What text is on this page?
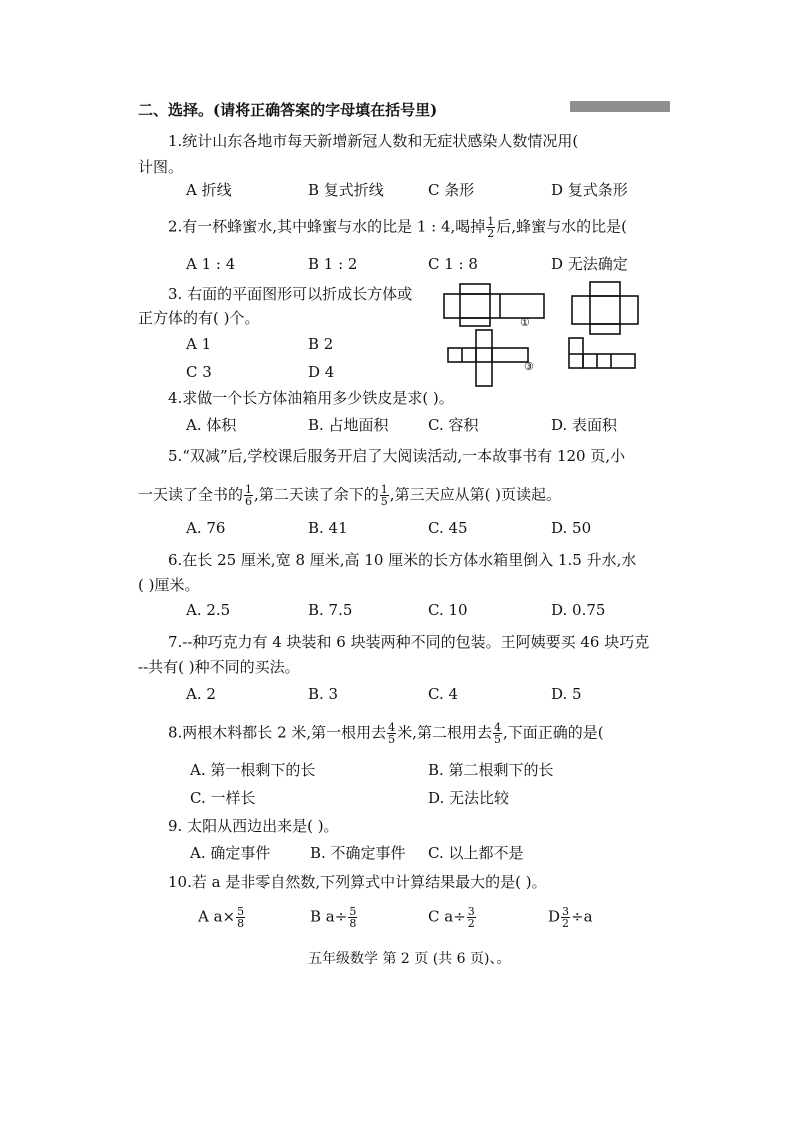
二、选择。(请将正确答案的字母填在括号里)
1.统计山东各地市每天新增新冠人数和无症状感染人数情况用(
计图。
A 折线	B 复式折线	C 条形	D 复式条形
2.有一杯蜂蜜水,其中蜂蜜与水的比是 1 : 4,喝掉 $\frac{1}{2}$ 后,蜂蜜与水的比是(
A 1 : 4	B 1 : 2	C 1 : 8	D 无法确定
3. 右面的平面图形可以折成长方体或
正方体的有( )个。
A 1	B 2
C 3	D 4
①
③
4.求做一个长方体油箱用多少铁皮是求( )。
A. 体积	B. 占地面积	C. 容积	D. 表面积
5.“双减”后,学校课后服务开启了大阅读活动,一本故事书有 120 页,小
一天读了全书的 $\frac{1}{6}$ ,第二天读了余下的 $\frac{1}{5}$ ,第三天应从第( )页读起。
A. 76	B. 41	C. 45	D. 50
6.在长 25 厘米,宽 8 厘米,高 10 厘米的长方体水箱里倒入 1.5 升水,水
( )厘米。
A. 2.5	B. 7.5	C. 10	D. 0.75
7.--种巧克力有 4 块装和 6 块装两种不同的包装。王阿姨要买 46 块巧克
--共有( )种不同的买法。
A. 2	B. 3	C. 4	D. 5
8.两根木料都长 2 米,第一根用去 $\frac{4}{5}$ 米,第二根用去 $\frac{4}{5}$ ,下面正确的是(
A. 第一根剩下的长	B. 第二根剩下的长
C. 一样长	D. 无法比较
9. 太阳从西边出来是( )。
A. 确定事件	B. 不确定事件 C. 以上都不是
10.若 a 是非零自然数,下列算式中计算结果最大的是( )。
A $a\times \frac{5}{8}$	B $a\div \frac{5}{8}$	C $a\div \frac{3}{2}$	D $\frac{3}{2} \div a$
五年级数学 第 2 页 (共 6 页)、。
